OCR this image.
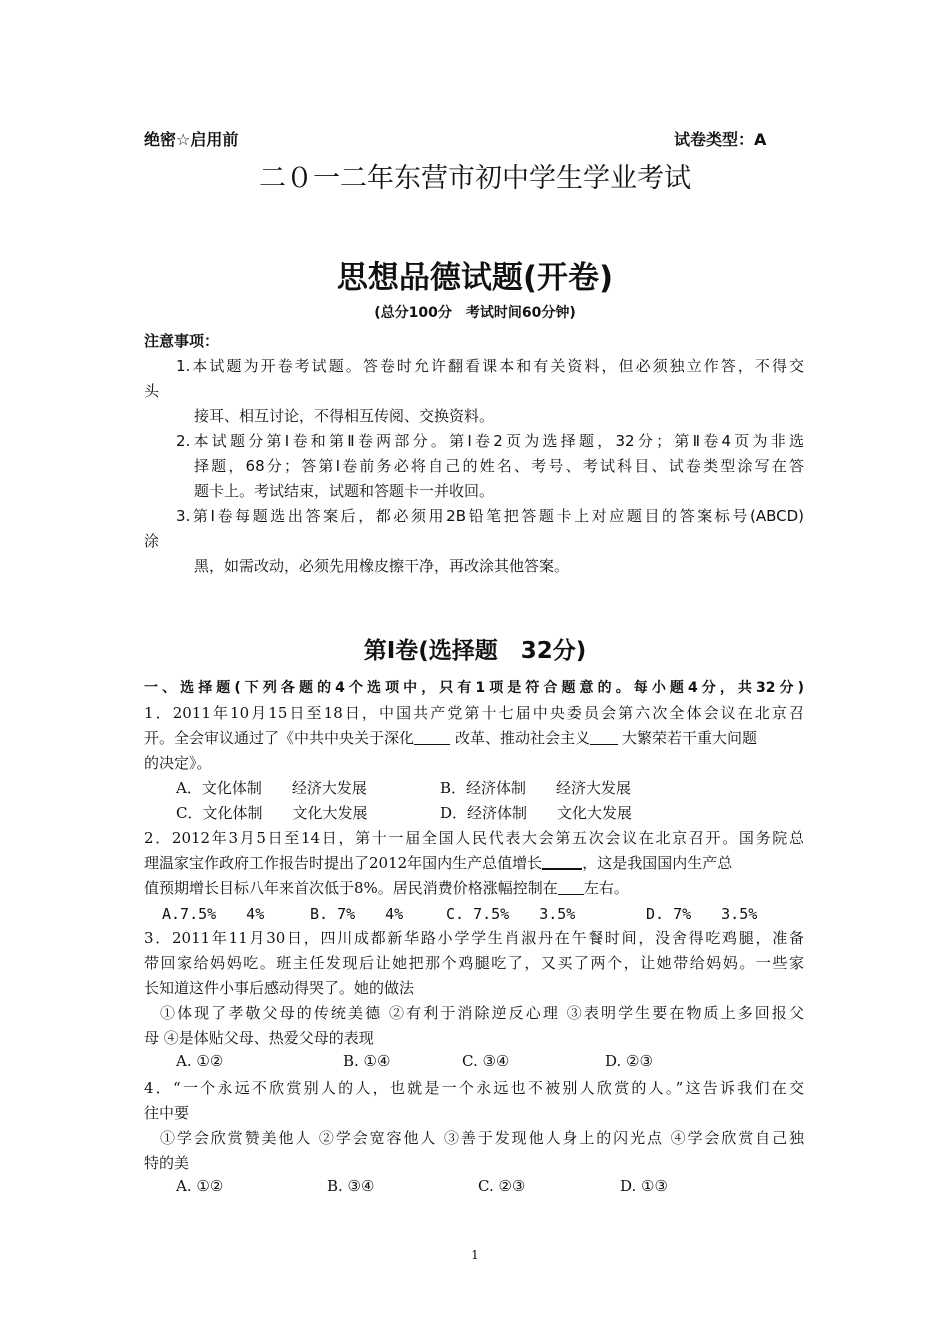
绝密☆启用前	试卷类型：A
二０一二年东营市初中学生学业考试
思想品德试题(开卷)
(总分100分　考试时间60分钟)
注意事项：
1.本试题为开卷考试题。答卷时允许翻看课本和有关资料，但必须独立作答，不得交
头
接耳、相互讨论，不得相互传阅、交换资料。
2.本试题分第Ⅰ卷和第Ⅱ卷两部分。第Ⅰ卷2页为选择题，32分；第Ⅱ卷4页为非选
择题，68分；答第Ⅰ卷前务必将自己的姓名、考号、考试科目、试卷类型涂写在答
题卡上。考试结束，试题和答题卡一并收回。
3.第Ⅰ卷每题选出答案后，都必须用2B铅笔把答题卡上对应题目的答案标号(ABCD)
涂
黑，如需改动，必须先用橡皮擦干净，再改涂其他答案。
第Ⅰ卷(选择题　32分)
一、选择题(下列各题的4个选项中，只有1项是符合题意的。每小题4分，共32分)
1．2011年10月15日至18日，中国共产党第十七届中央委员会第六次全体会议在北京召
开。全会审议通过了《中共中央关于深化	改革、推动社会主义 大繁荣若干重大问题
的决定》。
A．文化体制　　经济大发展	B．经济体制　　经济大发展
C．文化体制　　文化大发展	D．经济体制　　文化大发展
2．2012年3月5日至14日，第十一届全国人民代表大会第五次会议在北京召开。国务院总
理温家宝作政府工作报告时提出了2012年国内生产总值增长	，这是我国国内生产总
值预期增长目标八年来首次低于8%。居民消费价格涨幅控制在 左右。
A.7.5%　　4%	B. 7%　　4%	C. 7.5%　　3.5%	D. 7%　　3.5%
3．2011年11月30日，四川成都新华路小学学生肖淑丹在午餐时间，没舍得吃鸡腿，准备
带回家给妈妈吃。班主任发现后让她把那个鸡腿吃了，又买了两个，让她带给妈妈。一些家
长知道这件小事后感动得哭了。她的做法
①体现了孝敬父母的传统美德 ②有利于消除逆反心理 ③表明学生要在物质上多回报父
母 ④是体贴父母、热爱父母的表现
A. ①②	B. ①④	C. ③④	D. ②③
4．“一个永远不欣赏别人的人，也就是一个永远也不被别人欣赏的人。”这告诉我们在交
往中要
①学会欣赏赞美他人 ②学会宽容他人 ③善于发现他人身上的闪光点 ④学会欣赏自己独
特的美
A. ①②	B. ③④	C. ②③	D. ①③
1
